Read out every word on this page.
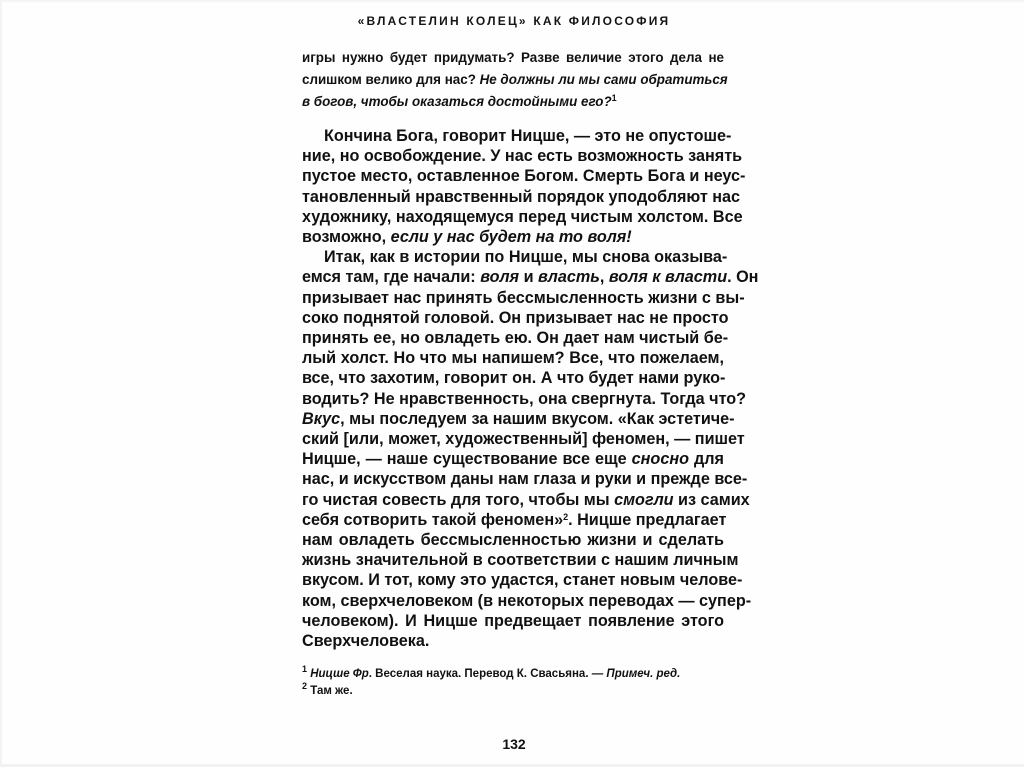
«ВЛАСТЕЛИН КОЛЕЦ» КАК ФИЛОСОФИЯ
игры нужно будет придумать? Разве величие этого дела не
слишком велико для нас? Не должны ли мы сами обратиться
в богов, чтобы оказаться достойными его?$^1$
Кончина Бога, говорит Ницше, — это не опустоше-
ние, но освобождение. У нас есть возможность занять
пустое место, оставленное Богом. Смерть Бога и неус-
тановленный нравственный порядок уподобляют нас
художнику, находящемуся перед чистым холстом. Все
возможно, если у нас будет на то воля!
Итак, как в истории по Ницше, мы снова оказыва-
емся там, где начали: воля и власть, воля к власти. Он
призывает нас принять бессмысленность жизни с вы-
соко поднятой головой. Он призывает нас не просто
принять ее, но овладеть ею. Он дает нам чистый бе-
лый холст. Но что мы напишем? Все, что пожелаем,
все, что захотим, говорит он. А что будет нами руко-
водить? Не нравственность, она свергнута. Тогда что?
Вкус, мы последуем за нашим вкусом. «Как эстетиче-
ский [или, может, художественный] феномен, — пишет
Ницше, — наше существование все еще сносно для
нас, и искусством даны нам глаза и руки и прежде все-
го чистая совесть для того, чтобы мы смогли из самих
себя сотворить такой феномен»$^2$. Ницше предлагает
нам овладеть бессмысленностью жизни и сделать
жизнь значительной в соответствии с нашим личным
вкусом. И тот, кому это удастся, станет новым челове-
ком, сверхчеловеком (в некоторых переводах — супер-
человеком). И Ницше предвещает появление этого
Сверхчеловека.
$^1$ Ницше Фр. Веселая наука. Перевод К. Свасьяна. — Примеч. ред.
$^2$ Там же.
132
